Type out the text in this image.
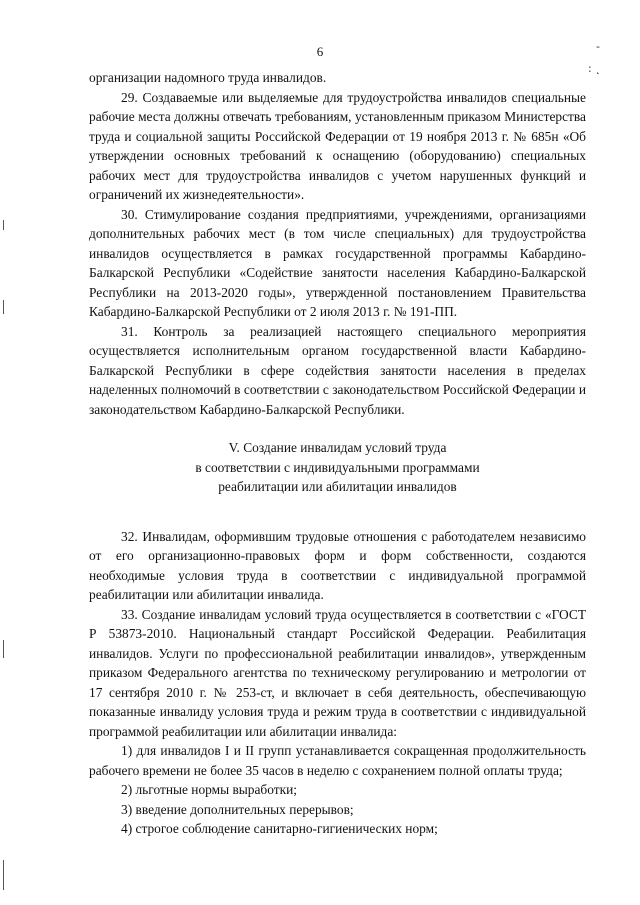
6	-
: ˛

организации надомного труда инвалидов.

29. Создаваемые или выделяемые для трудоустройства инвалидов специальные рабочие места должны отвечать требованиям, установленным приказом Министерства труда и социальной защиты Российской Федерации от 19 ноября 2013 г. № 685н «Об утверждении основных требований к оснащению (оборудованию) специальных рабочих мест для трудоустройства инвалидов с учетом нарушенных функций и ограничений их жизнедеятельности».

30. Стимулирование создания предприятиями, учреждениями, организациями дополнительных рабочих мест (в том числе специальных) для трудоустройства инвалидов осуществляется в рамках государственной программы Кабардино-Балкарской Республики «Содействие занятости населения Кабардино-Балкарской Республики на 2013-2020 годы», утвержденной постановлением Правительства Кабардино-Балкарской Республики от 2 июля 2013 г. № 191-ПП.

31. Контроль за реализацией настоящего специального мероприятия осуществляется исполнительным органом государственной власти Кабардино-Балкарской Республики в сфере содействия занятости населения в пределах наделенных полномочий в соответствии с законодательством Российской Федерации и законодательством Кабардино-Балкарской Республики.

V. Создание инвалидам условий труда
в соответствии с индивидуальными программами
реабилитации или абилитации инвалидов

32. Инвалидам, оформившим трудовые отношения с работодателем независимо от его организационно-правовых форм и форм собственности, создаются необходимые условия труда в соответствии с индивидуальной программой реабилитации или абилитации инвалида.

33. Создание инвалидам условий труда осуществляется в соответствии с «ГОСТ Р 53873-2010. Национальный стандарт Российской Федерации. Реабилитация инвалидов. Услуги по профессиональной реабилитации инвалидов», утвержденным приказом Федерального агентства по техническому регулированию и метрологии от 17 сентября 2010 г. № 253-ст, и включает в себя деятельность, обеспечивающую показанные инвалиду условия труда и режим труда в соответствии с индивидуальной программой реабилитации или абилитации инвалида:

1) для инвалидов I и II групп устанавливается сокращенная продолжительность рабочего времени не более 35 часов в неделю с сохранением полной оплаты труда;

2) льготные нормы выработки;

3) введение дополнительных перерывов;

4) строгое соблюдение санитарно-гигиенических норм;
